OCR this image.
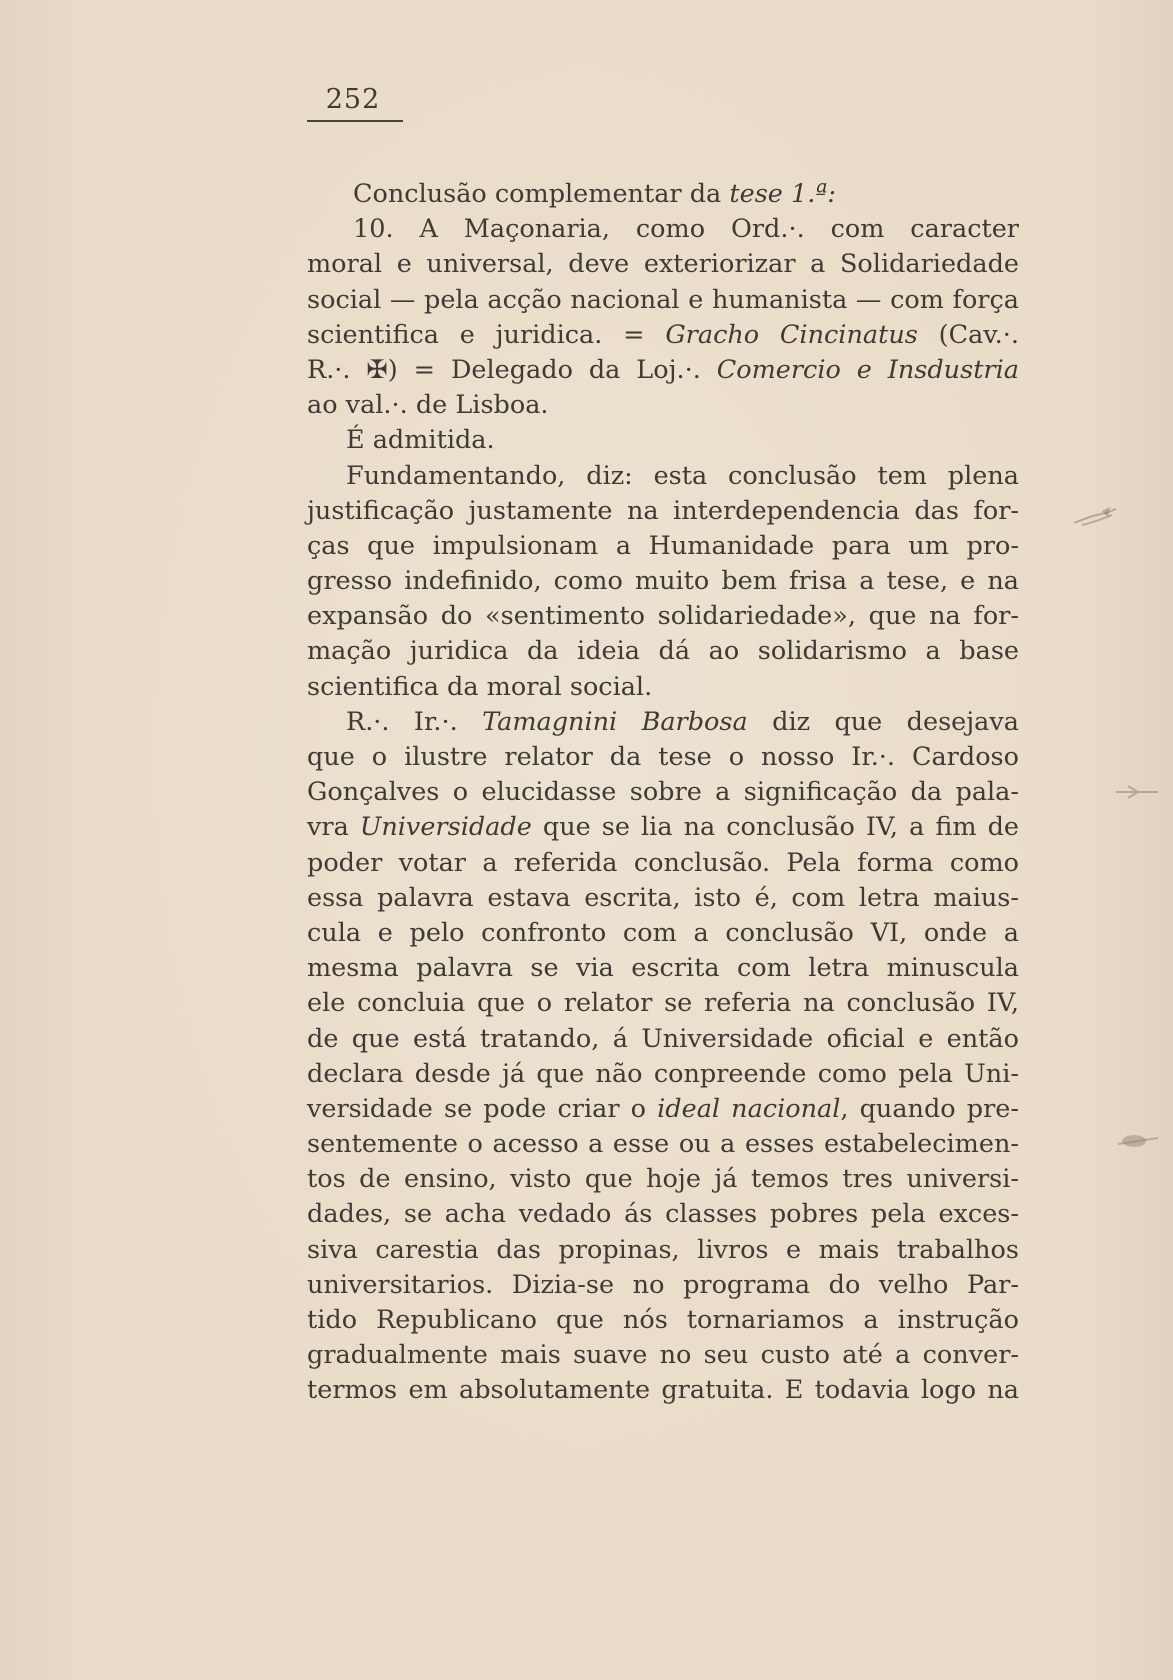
252
Conclusão complementar da tese 1.ª:
10. A Maçonaria, como Ord.·. com caracter
moral e universal, deve exteriorizar a Solidariedade
social — pela acção nacional e humanista — com força
scientifica e juridica. = Gracho Cincinatus (Cav.·.
R.·. ✠) = Delegado da Loj.·. Comercio e Insdustria
ao val.·. de Lisboa.
É admitida.
Fundamentando, diz: esta conclusão tem plena
justificação justamente na interdependencia das for-
ças que impulsionam a Humanidade para um pro-
gresso indefinido, como muito bem frisa a tese, e na
expansão do «sentimento solidariedade», que na for-
mação juridica da ideia dá ao solidarismo a base
scientifica da moral social.
R.·. Ir.·. Tamagnini Barbosa diz que desejava
que o ilustre relator da tese o nosso Ir.·. Cardoso
Gonçalves o elucidasse sobre a significação da pala-
vra Universidade que se lia na conclusão IV, a fim de
poder votar a referida conclusão. Pela forma como
essa palavra estava escrita, isto é, com letra maius-
cula e pelo confronto com a conclusão VI, onde a
mesma palavra se via escrita com letra minuscula
ele concluia que o relator se referia na conclusão IV,
de que está tratando, á Universidade oficial e então
declara desde já que não conpreende como pela Uni-
versidade se pode criar o ideal nacional, quando pre-
sentemente o acesso a esse ou a esses estabelecimen-
tos de ensino, visto que hoje já temos tres universi-
dades, se acha vedado ás classes pobres pela exces-
siva carestia das propinas, livros e mais trabalhos
universitarios. Dizia-se no programa do velho Par-
tido Republicano que nós tornariamos a instrução
gradualmente mais suave no seu custo até a conver-
termos em absolutamente gratuita. E todavia logo na
